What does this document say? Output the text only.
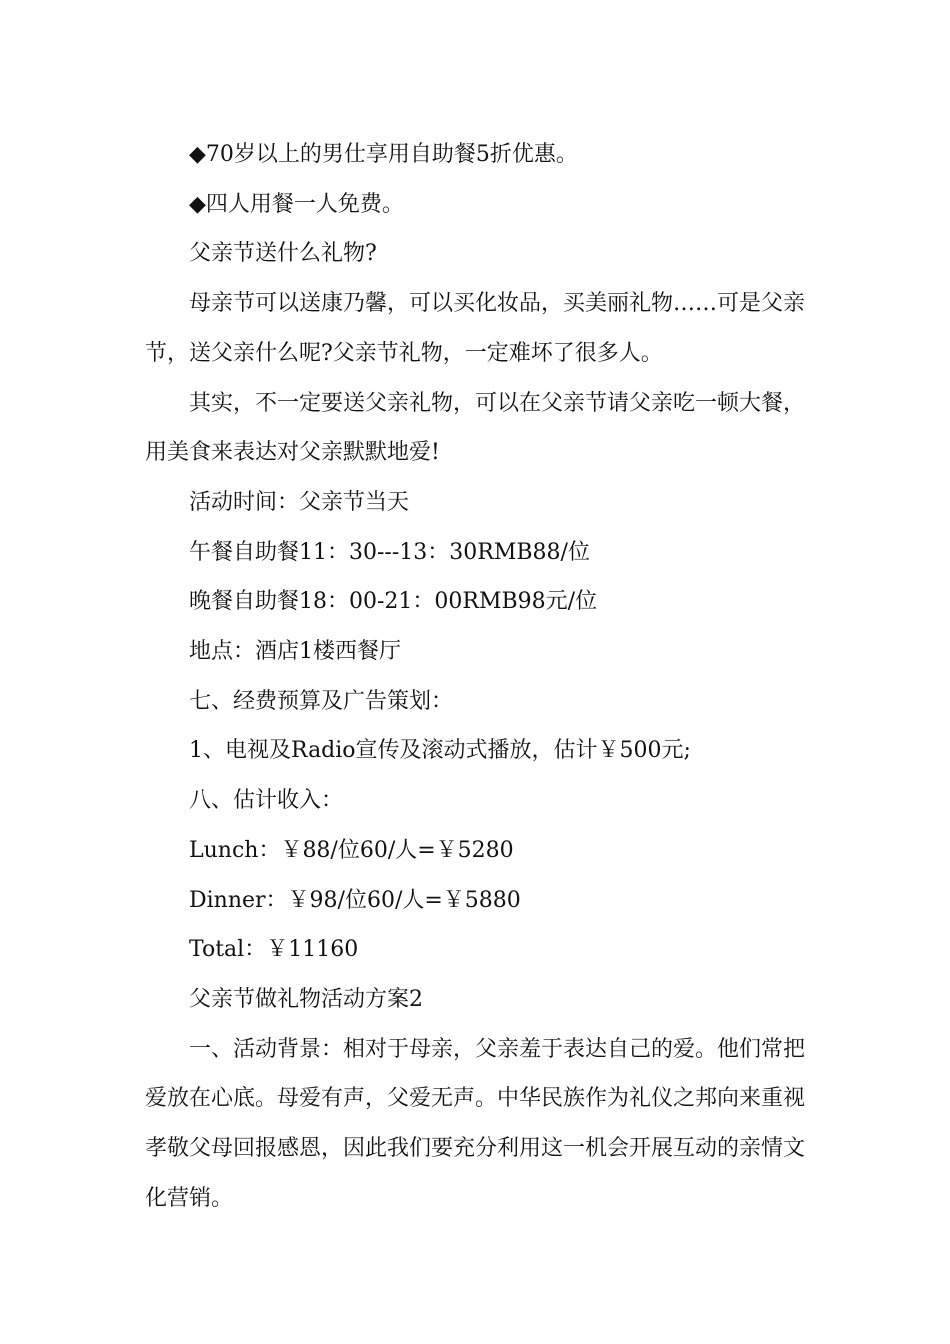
◆70岁以上的男仕享用自助餐5折优惠。

◆四人用餐一人免费。

父亲节送什么礼物?

母亲节可以送康乃馨，可以买化妆品，买美丽礼物……可是父亲节，送父亲什么呢?父亲节礼物，一定难坏了很多人。

其实，不一定要送父亲礼物，可以在父亲节请父亲吃一顿大餐，用美食来表达对父亲默默地爱!

活动时间：父亲节当天

午餐自助餐11：30---13：30RMB88/位

晚餐自助餐18：00-21：00RMB98元/位

地点：酒店1楼西餐厅

七、经费预算及广告策划：

1、电视及Radio宣传及滚动式播放，估计￥500元;

八、估计收入：

Lunch：￥88/位60/人=￥5280

Dinner：￥98/位60/人=￥5880

Total：￥11160

父亲节做礼物活动方案2

一、活动背景：相对于母亲，父亲羞于表达自己的爱。他们常把爱放在心底。母爱有声，父爱无声。中华民族作为礼仪之邦向来重视孝敬父母回报感恩，因此我们要充分利用这一机会开展互动的亲情文化营销。
